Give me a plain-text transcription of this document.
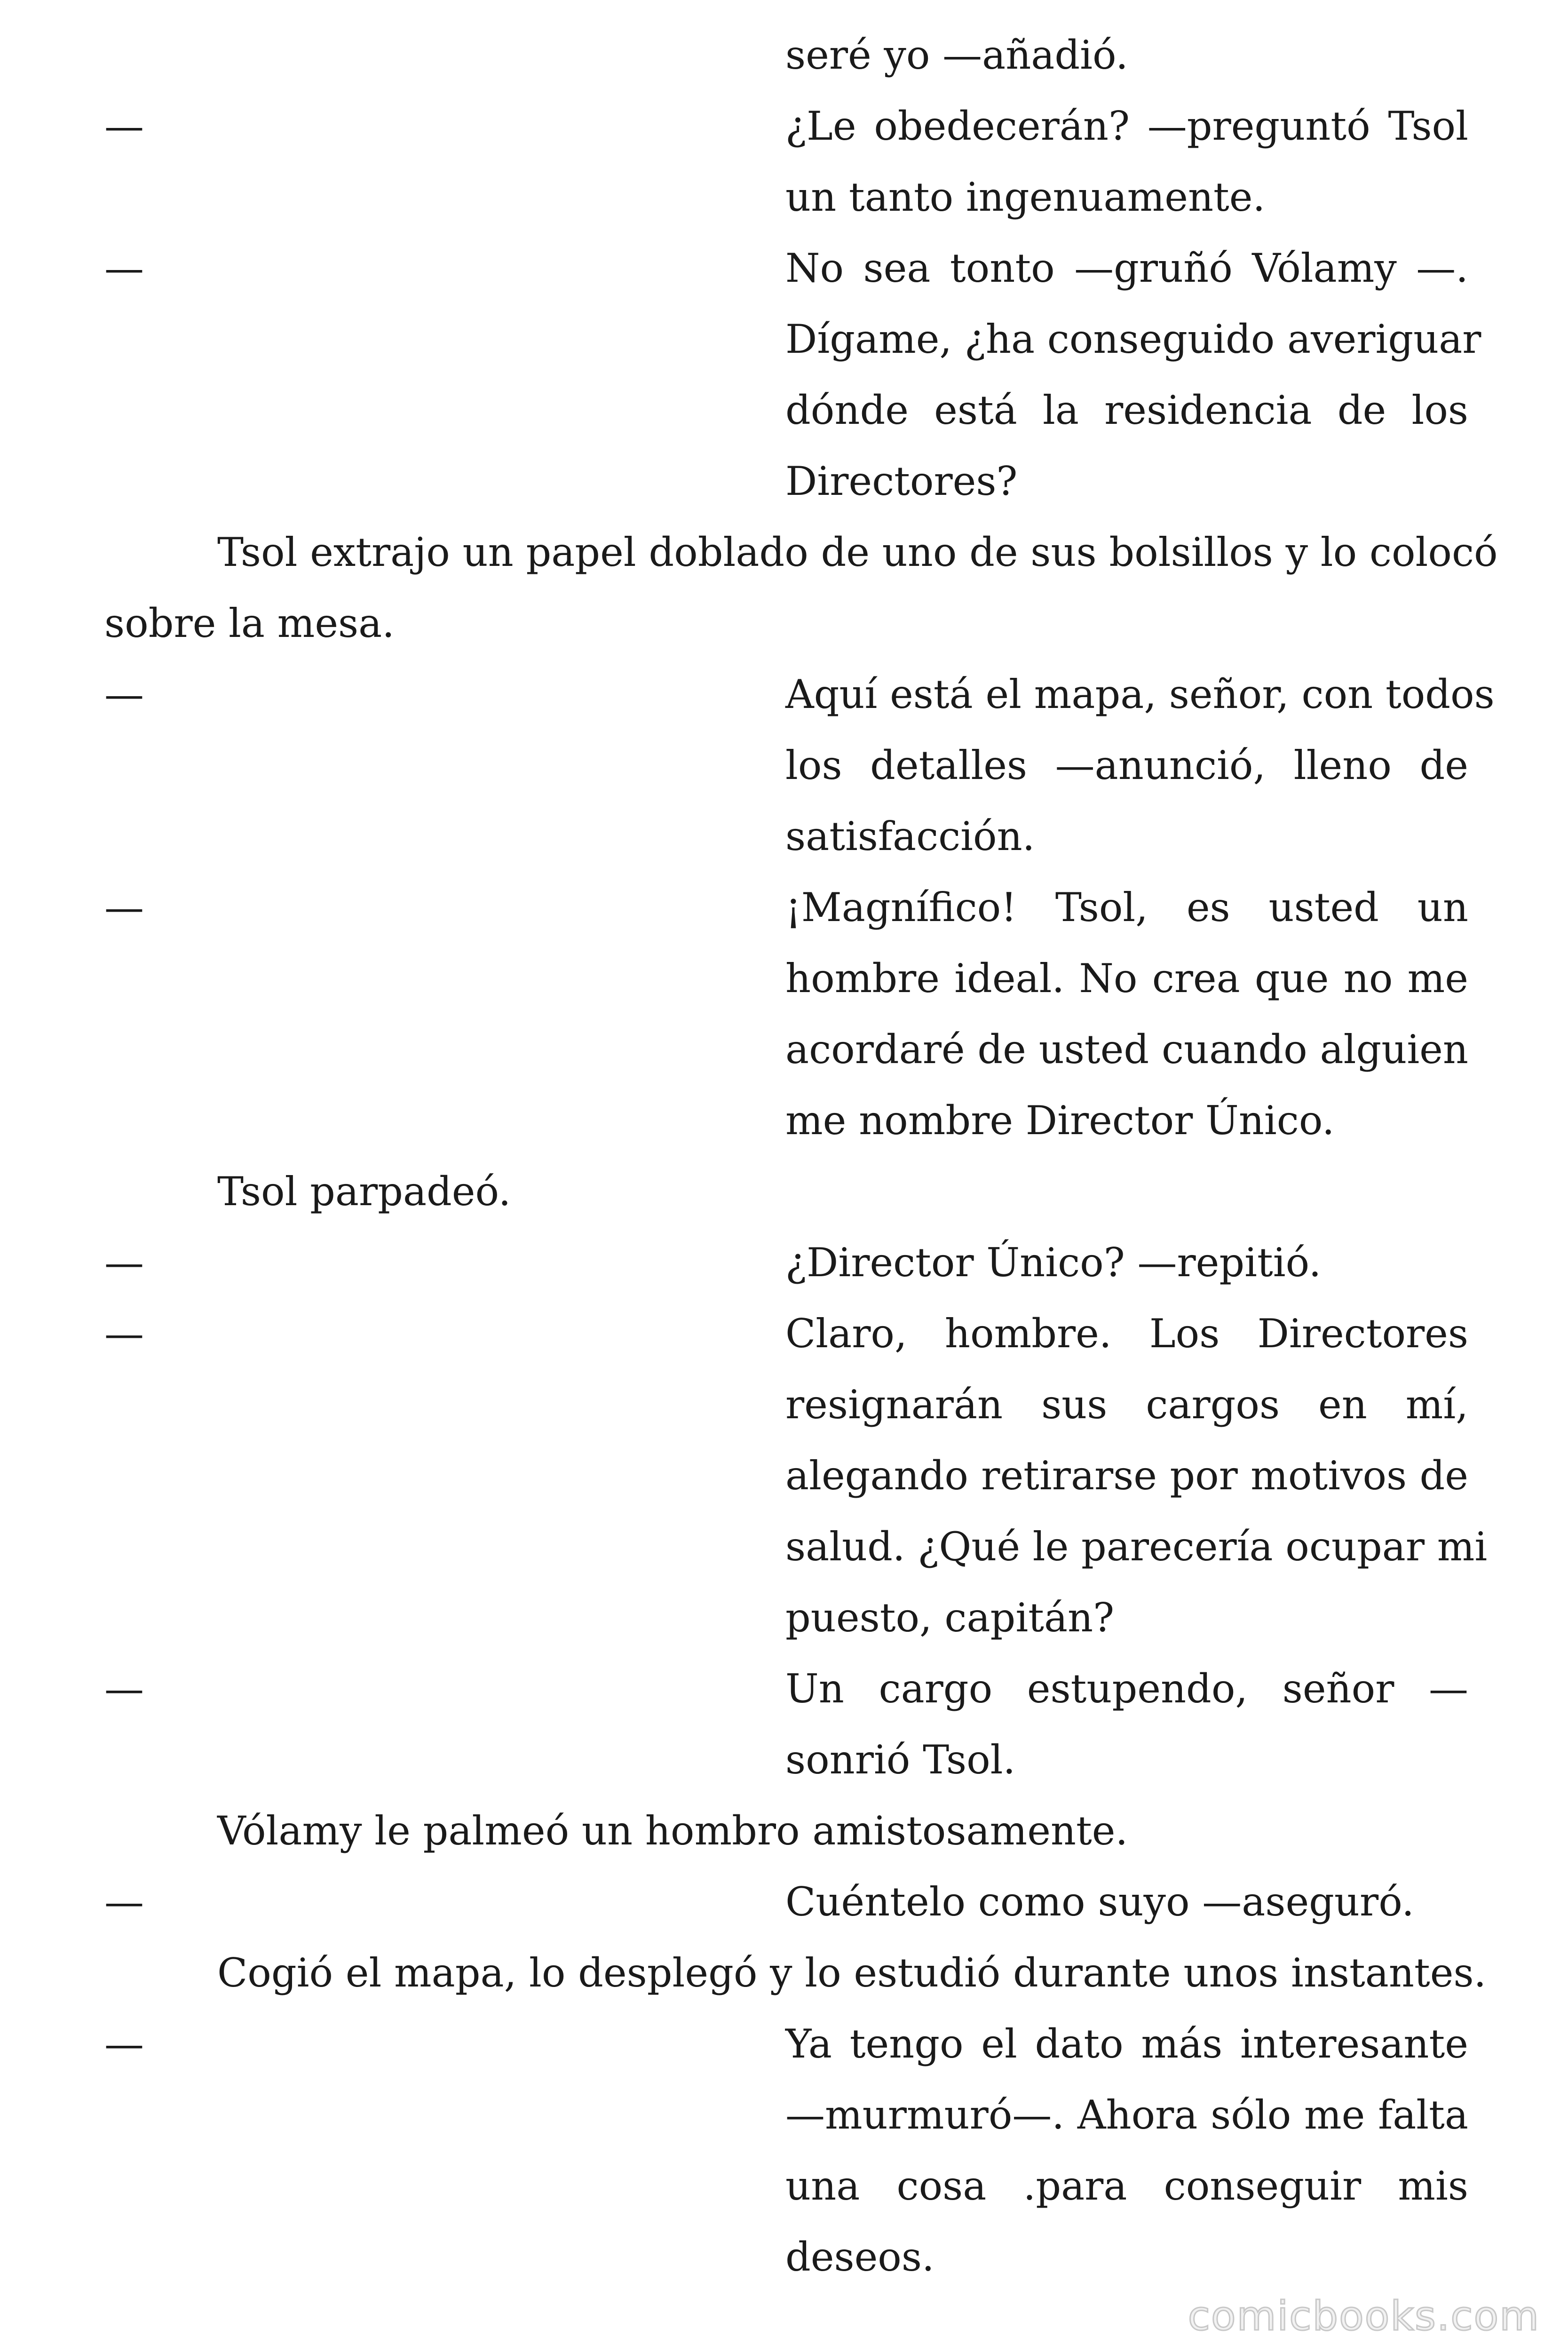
seré yo —añadió.
—	¿Le obedecerán? —preguntó Tsol
un tanto ingenuamente.
—	No sea tonto —gruñó Vólamy —.
Dígame, ¿ha conseguido averiguar
dónde está la residencia de los
Directores?
Tsol extrajo un papel doblado de uno de sus bolsillos y lo colocó
sobre la mesa.
—	Aquí está el mapa, señor, con todos
los detalles —anunció, lleno de
satisfacción.
—	¡Magnífico! Tsol, es usted un
hombre ideal. No crea que no me
acordaré de usted cuando alguien
me nombre Director Único.
Tsol parpadeó.
—	¿Director Único? —repitió.
—	Claro, hombre. Los Directores
resignarán sus cargos en mí,
alegando retirarse por motivos de
salud. ¿Qué le parecería ocupar mi
puesto, capitán?
—	Un cargo estupendo, señor —
sonrió Tsol.
Vólamy le palmeó un hombro amistosamente.
—	Cuéntelo como suyo —aseguró.
Cogió el mapa, lo desplegó y lo estudió durante unos instantes.
—	Ya tengo el dato más interesante
—murmuró—. Ahora sólo me falta
una cosa .para conseguir mis
deseos.
comicbooks.com
